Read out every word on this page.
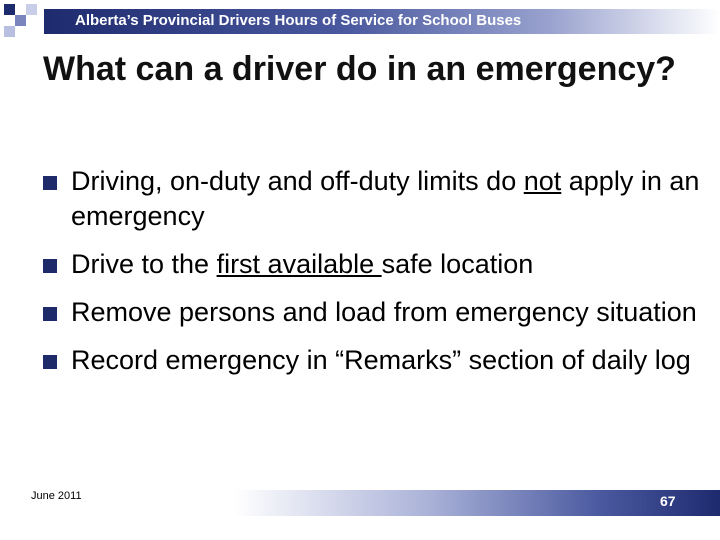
Alberta’s Provincial Drivers Hours of Service for School Buses
What can a driver do in an emergency?
Driving, on-duty and off-duty limits do not apply in an emergency
Drive to the first available safe location
Remove persons and load from emergency situation
Record emergency in “Remarks” section of daily log
June 2011	67
